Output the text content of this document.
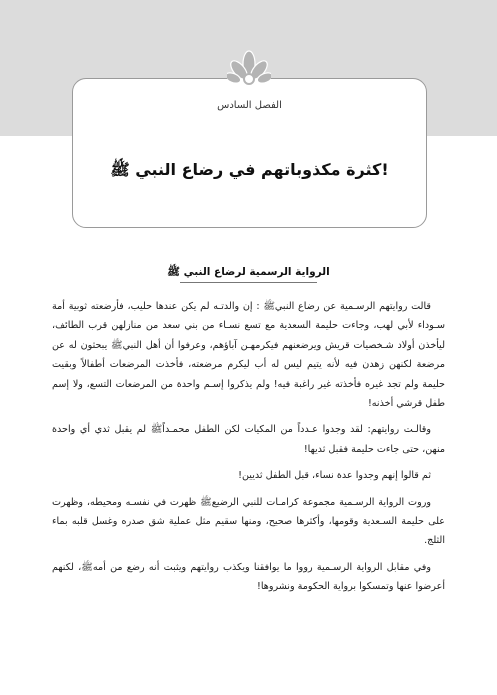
الفصل السادس
كثرة مكذوباتهم في رضاع النبي ﷺ!
الرواية الرسمية لرضاع النبي ﷺ

قالت روايتهم الرسـمية عن رضاع النبيﷺ : إن والدتـه لم يكن عندها حليب، فأرضعته ثوبية أمة سـوداء لأبي لهب، وجاءت حليمة السعدية مع تسع نسـاء من بني سعد من منازلهن قرب الطائف، ليأخذن أولاد شـخصيات قريش ويرضعنهم فيكرمهـن آباؤهم، وعرفوا أن أهل النبيﷺ يبحثون له عن مرضعة لكنهن زهدن فيه لأنه يتيم ليس له أب ليكرم مرضعته، فأخذت المرضعات أطفالاً وبقيت حليمة ولم تجد غيره فأخذته غير راغبة فيه! ولم يذكروا إسـم واحدة من المرضعات التسع، ولا إسم طفل قرشي أخذنه!

وقالـت روايتهم: لقد وجدوا عـدداً من المكيات لكن الطفل محمـداًﷺ لم يقبل ثدي أي واحدة منهن، حتى جاءت حليمة فقبل ثديها!

ثم قالوا إنهم وجدوا عدة نساء، قبل الطفل ثديين!

وروت الرواية الرسـمية مجموعة كرامـات للنبي الرضيعﷺ ظهرت في نفسـه ومحيطه، وظهرت على حليمة السـعدية وقومها، وأكثرها صحيح، ومنها سقيم مثل عملية شق صدره وغسل قلبه بماء الثلج.

وفي مقابل الرواية الرسـمية رووا ما يوافقنا ويكذب روايتهم ويثبت أنه رضع من أمهﷺ، لكنهم أعرضوا عنها وتمسكوا برواية الحكومة ونشروها!
